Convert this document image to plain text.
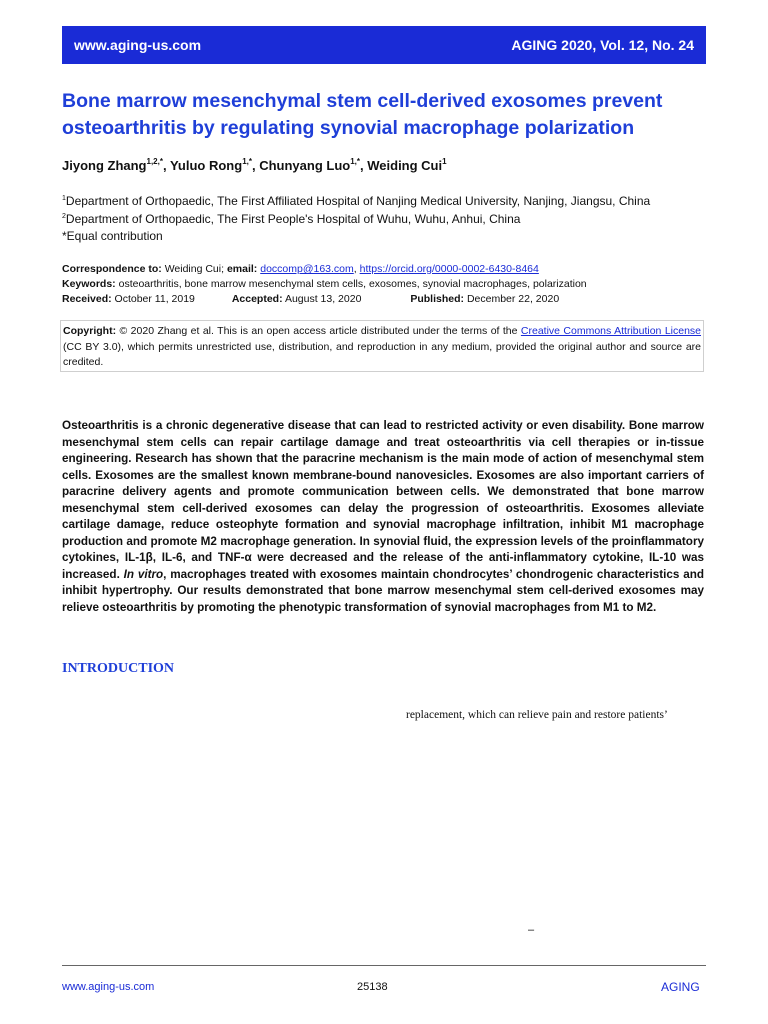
www.aging-us.com	AGING 2020, Vol. 12, No. 24
Bone marrow mesenchymal stem cell-derived exosomes prevent osteoarthritis by regulating synovial macrophage polarization
Jiyong Zhang$^{1,2,*}$, Yuluo Rong$^{1,*}$, Chunyang Luo$^{1,*}$, Weiding Cui$^1$
$^1$Department of Orthopaedic, The First Affiliated Hospital of Nanjing Medical University, Nanjing, Jiangsu, China
$^2$Department of Orthopaedic, The First People's Hospital of Wuhu, Wuhu, Anhui, China
*Equal contribution
Correspondence to: Weiding Cui; email: doccomp@163.com, https://orcid.org/0000-0002-6430-8464
Keywords: osteoarthritis, bone marrow mesenchymal stem cells, exosomes, synovial macrophages, polarization
Received: October 11, 2019	Accepted: August 13, 2020	Published: December 22, 2020
Copyright: © 2020 Zhang et al. This is an open access article distributed under the terms of the Creative Commons Attribution License (CC BY 3.0), which permits unrestricted use, distribution, and reproduction in any medium, provided the original author and source are credited.
Osteoarthritis is a chronic degenerative disease that can lead to restricted activity or even disability. Bone marrow mesenchymal stem cells can repair cartilage damage and treat osteoarthritis via cell therapies or in-tissue engineering. Research has shown that the paracrine mechanism is the main mode of action of mesenchymal stem cells. Exosomes are the smallest known membrane-bound nanovesicles. Exosomes are also important carriers of paracrine delivery agents and promote communication between cells. We demonstrated that bone marrow mesenchymal stem cell-derived exosomes can delay the progression of osteoarthritis. Exosomes alleviate cartilage damage, reduce osteophyte formation and synovial macrophage infiltration, inhibit M1 macrophage production and promote M2 macrophage generation. In synovial fluid, the expression levels of the proinflammatory cytokines, IL-1β, IL-6, and TNF-α were decreased and the release of the anti-inflammatory cytokine, IL-10 was increased. In vitro, macrophages treated with exosomes maintain chondrocytes’ chondrogenic characteristics and inhibit hypertrophy. Our results demonstrated that bone marrow mesenchymal stem cell-derived exosomes may relieve osteoarthritis by promoting the phenotypic transformation of synovial macrophages from M1 to M2.
INTRODUCTION
replacement, which can relieve pain and restore patients’
–
www.aging-us.com	25138	AGING
